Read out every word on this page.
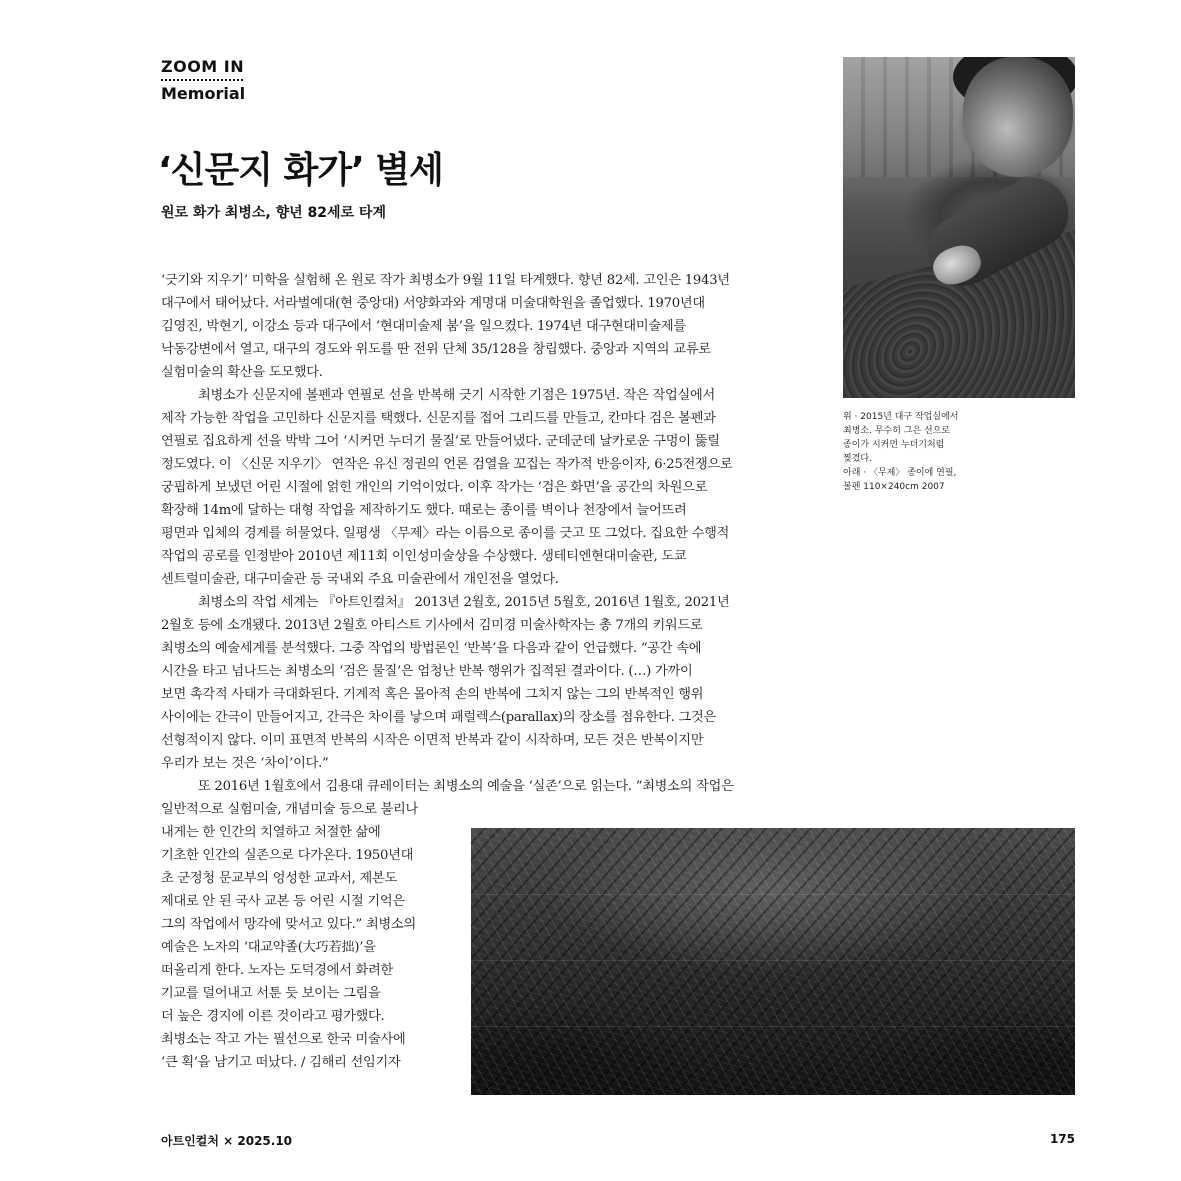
ZOOM IN
Memorial
‘신문지 화가’ 별세
원로 화가 최병소, 향년 82세로 타계
‘긋기와 지우기’ 미학을 실험해 온 원로 작가 최병소가 9월 11일 타계했다. 향년 82세. 고인은 1943년
대구에서 태어났다. 서라벌예대(현 중앙대) 서양화과와 계명대 미술대학원을 졸업했다. 1970년대
김영진, 박현기, 이강소 등과 대구에서 ‘현대미술제 붐’을 일으켰다. 1974년 대구현대미술제를
낙동강변에서 열고, 대구의 경도와 위도를 딴 전위 단체 35/128을 창립했다. 중앙과 지역의 교류로
실험미술의 확산을 도모했다.
최병소가 신문지에 볼펜과 연필로 선을 반복해 긋기 시작한 기점은 1975년. 작은 작업실에서
제작 가능한 작업을 고민하다 신문지를 택했다. 신문지를 접어 그리드를 만들고, 칸마다 검은 볼펜과
연필로 집요하게 선을 박박 그어 ‘시커먼 누더기 물질’로 만들어냈다. 군데군데 날카로운 구멍이 뚫릴
정도였다. 이 〈신문 지우기〉 연작은 유신 정권의 언론 검열을 꼬집는 작가적 반응이자, 6·25전쟁으로
궁핍하게 보냈던 어린 시절에 얽힌 개인의 기억이었다. 이후 작가는 ‘검은 화면’을 공간의 차원으로
확장해 14m에 달하는 대형 작업을 제작하기도 했다. 때로는 종이를 벽이나 천장에서 늘어뜨려
평면과 입체의 경계를 허물었다. 일평생 〈무제〉라는 이름으로 종이를 긋고 또 그었다. 집요한 수행적
작업의 공로를 인정받아 2010년 제11회 이인성미술상을 수상했다. 생테티엔현대미술관, 도쿄
센트럴미술관, 대구미술관 등 국내외 주요 미술관에서 개인전을 열었다.
최병소의 작업 세계는 『아트인컬처』 2013년 2월호, 2015년 5월호, 2016년 1월호, 2021년
2월호 등에 소개됐다. 2013년 2월호 아티스트 기사에서 김미경 미술사학자는 총 7개의 키워드로
최병소의 예술세계를 분석했다. 그중 작업의 방법론인 ‘반복’을 다음과 같이 언급했다. “공간 속에
시간을 타고 넘나드는 최병소의 ‘검은 물질’은 엄청난 반복 행위가 집적된 결과이다. (…) 가까이
보면 촉각적 사태가 극대화된다. 기계적 혹은 몰아적 손의 반복에 그치지 않는 그의 반복적인 행위
사이에는 간극이 만들어지고, 간극은 차이를 낳으며 패럴렉스(parallax)의 장소를 점유한다. 그것은
선형적이지 않다. 이미 표면적 반복의 시작은 이면적 반복과 같이 시작하며, 모든 것은 반복이지만
우리가 보는 것은 ‘차이’이다.”
또 2016년 1월호에서 김용대 큐레이터는 최병소의 예술을 ‘실존’으로 읽는다. “최병소의 작업은
일반적으로 실험미술, 개념미술 등으로 불리나
내게는 한 인간의 치열하고 처절한 삶에
기초한 인간의 실존으로 다가온다. 1950년대
초 군정청 문교부의 엉성한 교과서, 제본도
제대로 안 된 국사 교본 등 어린 시절 기억은
그의 작업에서 망각에 맞서고 있다.” 최병소의
예술은 노자의 ‘대교약졸(大巧若拙)’을
떠올리게 한다. 노자는 도덕경에서 화려한
기교를 덜어내고 서툰 듯 보이는 그림을
더 높은 경지에 이른 것이라고 평가했다.
최병소는 작고 가는 필선으로 한국 미술사에
‘큰 획’을 남기고 떠났다. / 김해리 선임기자
위 · 2015년 대구 작업실에서
최병소. 무수히 그은 선으로
종이가 시커먼 누더기처럼
찢겼다.
아래 · 〈무제〉 종이에 연필,
볼펜 110×240cm 2007
아트인컬처 × 2025.10	175
